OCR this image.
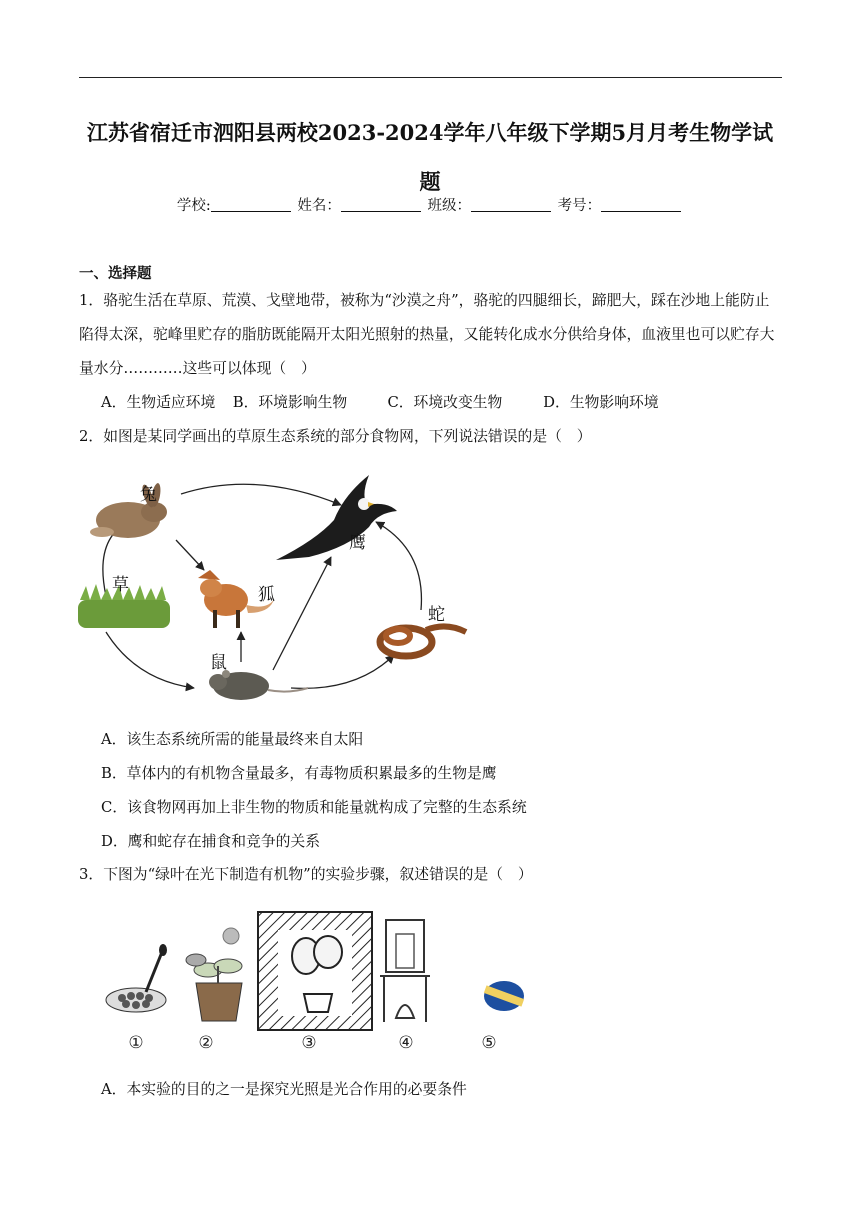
江苏省宿迁市泗阳县两校2023-2024学年八年级下学期5月月考生物学试
题
学校:	姓名：	班级：	考号：
一、选择题
1．骆驼生活在草原、荒漠、戈壁地带，被称为“沙漠之舟”，骆驼的四腿细长，蹄肥大，踩在沙地上能防止陷得太深，驼峰里贮存的脂肪既能隔开太阳光照射的热量，又能转化成水分供给身体，血液里也可以贮存大量水分…………这些可以体现（　）
A．生物适应环境 B．环境影响生物	C．环境改变生物	D．生物影响环境
2．如图是某同学画出的草原生态系统的部分食物网，下列说法错误的是（　）
兔
草	狐
鼠
鹰
蛇
A．该生态系统所需的能量最终来自太阳
B．草体内的有机物含量最多，有毒物质积累最多的生物是鹰
C．该食物网再加上非生物的物质和能量就构成了完整的生态系统
D．鹰和蛇存在捕食和竞争的关系
3．下图为“绿叶在光下制造有机物”的实验步骤，叙述错误的是（　）
①	②	③	④	⑤
A．本实验的目的之一是探究光照是光合作用的必要条件
